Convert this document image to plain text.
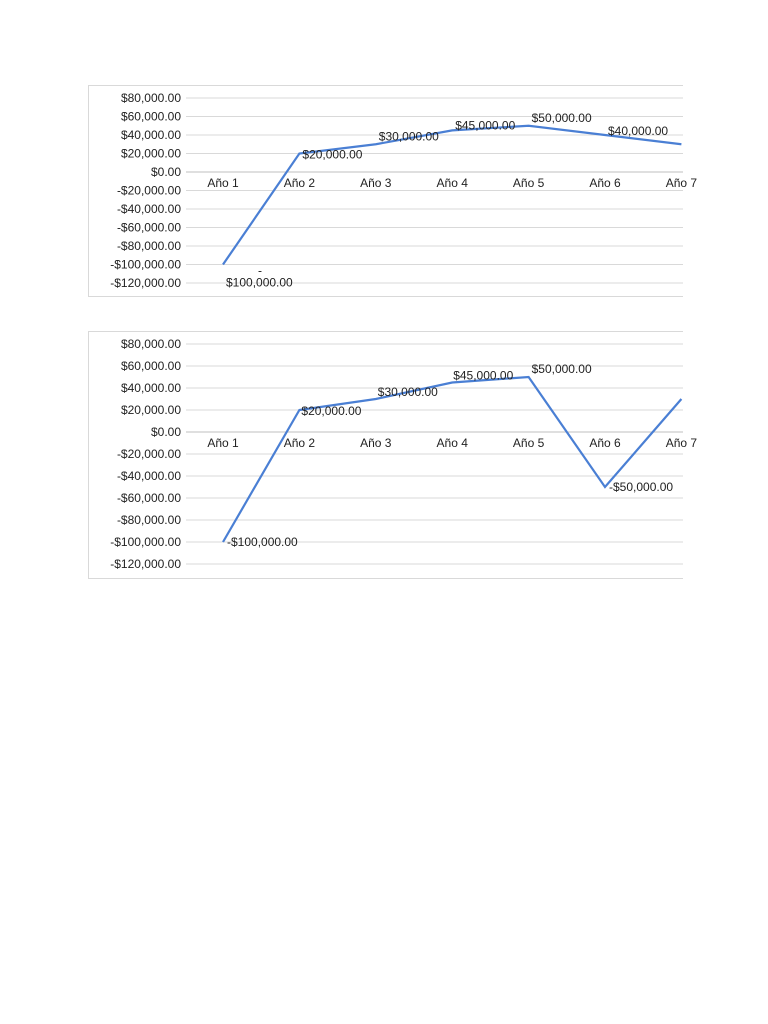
$80,000.00
$60,000.00
$40,000.00
$20,000.00
$0.00
-$20,000.00
-$40,000.00
-$60,000.00
-$80,000.00
-$100,000.00
-$120,000.00
Año 1	Año 2	Año 3	Año 4	Año 5	Año 6	Año 7
-$100,000.00
$20,000.00
$30,000.00
$45,000.00
$50,000.00
$40,000.00
$80,000.00
$60,000.00
$40,000.00
$20,000.00
$0.00
-$20,000.00
-$40,000.00
-$60,000.00
-$80,000.00
-$100,000.00
-$120,000.00
Año 1	Año 2	Año 3	Año 4	Año 5	Año 6	Año 7
-$100,000.00
$20,000.00
$30,000.00
$45,000.00 $50,000.00
-$50,000.00
